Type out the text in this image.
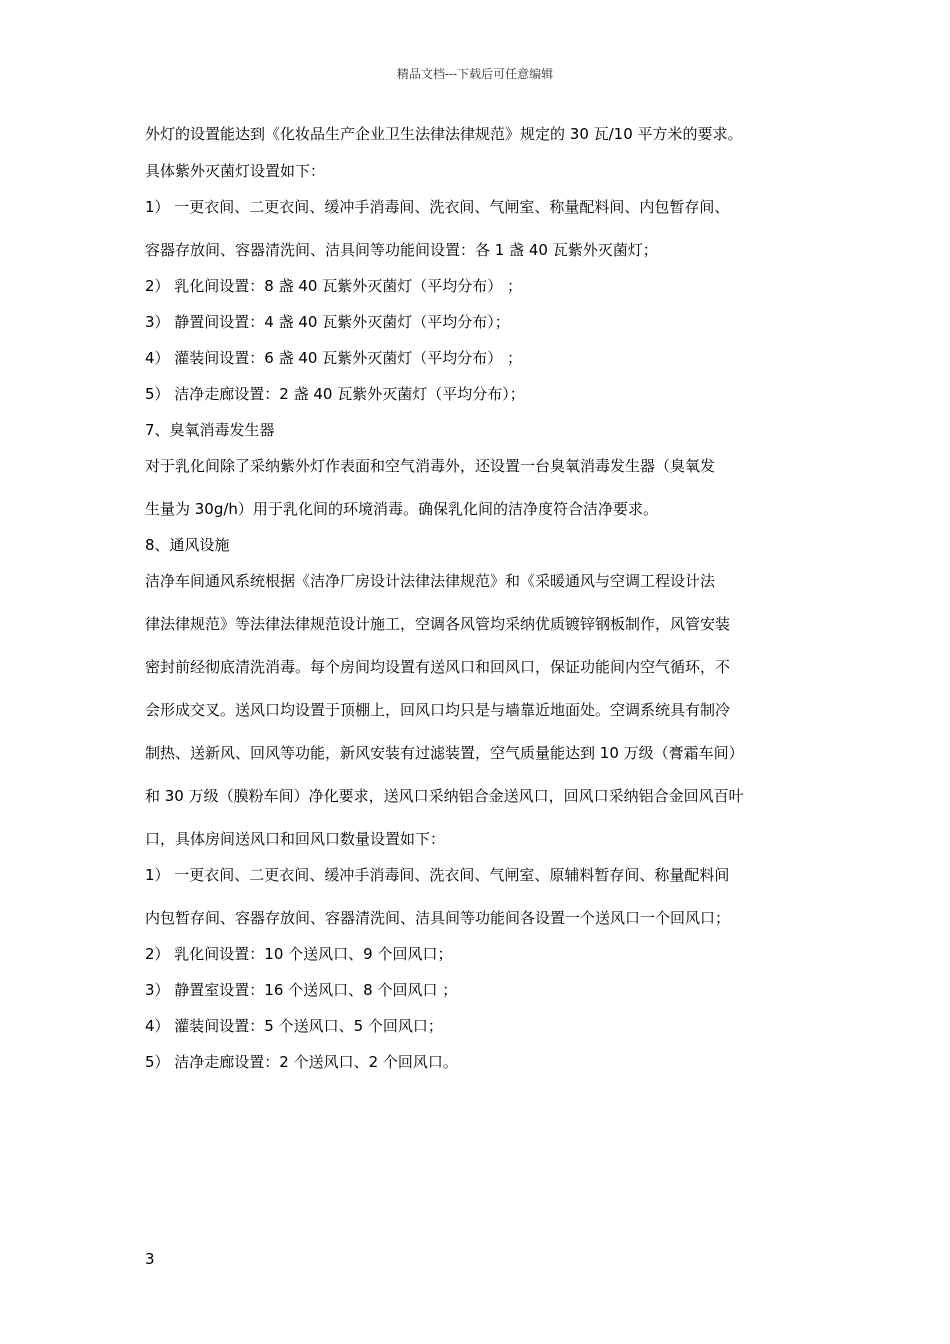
精品文档---下载后可任意编辑

外灯的设置能达到《化妆品生产企业卫生法律法律规范》规定的 30 瓦/10 平方米的要求。

具体紫外灭菌灯设置如下：

1） 一更衣间、二更衣间、缓冲手消毒间、洗衣间、气闸室、称量配料间、内包暂存间、

容器存放间、容器清洗间、洁具间等功能间设置：各 1 盏 40 瓦紫外灭菌灯；

2） 乳化间设置：8 盏 40 瓦紫外灭菌灯（平均分布） ；

3） 静置间设置：4 盏 40 瓦紫外灭菌灯（平均分布）；

4） 灌装间设置：6 盏 40 瓦紫外灭菌灯（平均分布） ；

5） 洁净走廊设置：2 盏 40 瓦紫外灭菌灯（平均分布）；

7、臭氧消毒发生器

对于乳化间除了采纳紫外灯作表面和空气消毒外，还设置一台臭氧消毒发生器（臭氧发

生量为 30g/h）用于乳化间的环境消毒。确保乳化间的洁净度符合洁净要求。

8、通风设施

洁净车间通风系统根据《洁净厂房设计法律法律规范》和《采暖通风与空调工程设计法

律法律规范》等法律法律规范设计施工，空调各风管均采纳优质镀锌钢板制作，风管安装

密封前经彻底清洗消毒。每个房间均设置有送风口和回风口，保证功能间内空气循环，不

会形成交叉。送风口均设置于顶棚上，回风口均只是与墙靠近地面处。空调系统具有制冷

制热、送新风、回风等功能，新风安装有过滤装置，空气质量能达到 10 万级（膏霜车间）

和 30 万级（膜粉车间）净化要求，送风口采纳铝合金送风口，回风口采纳铝合金回风百叶

口，具体房间送风口和回风口数量设置如下：

1） 一更衣间、二更衣间、缓冲手消毒间、洗衣间、气闸室、原辅料暂存间、称量配料间

内包暂存间、容器存放间、容器清洗间、洁具间等功能间各设置一个送风口一个回风口；

2） 乳化间设置：10 个送风口、9 个回风口；

3） 静置室设置：16 个送风口、8 个回风口 ；

4） 灌装间设置：5 个送风口、5 个回风口；

5） 洁净走廊设置：2 个送风口、2 个回风口。

3
